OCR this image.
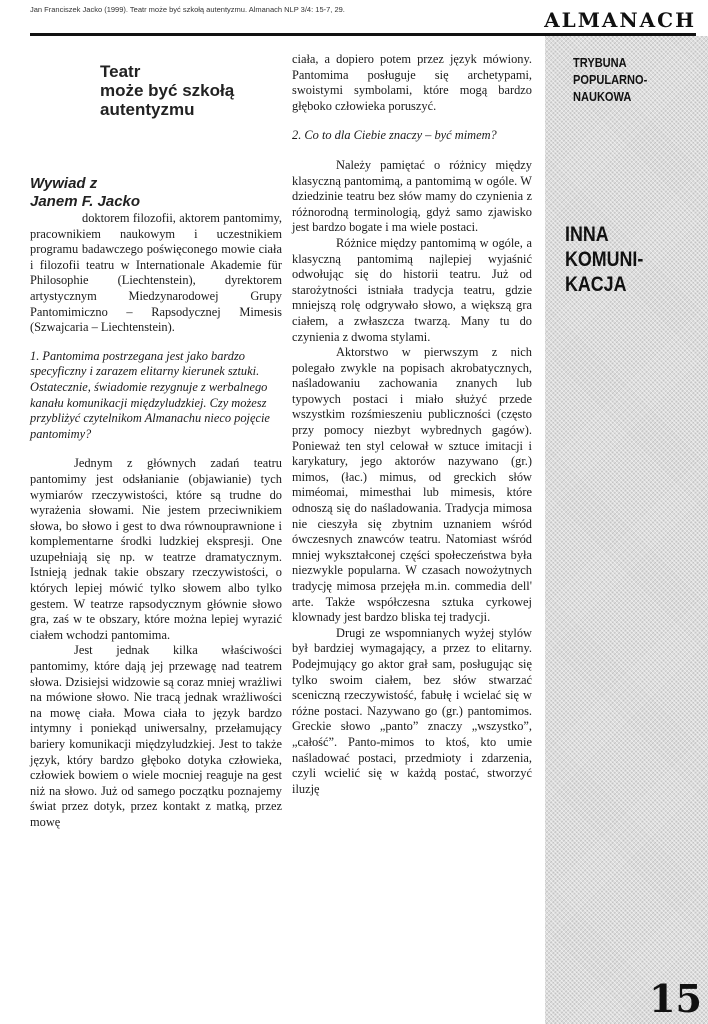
Jan Franciszek Jacko (1999). Teatr może być szkołą autentyzmu. Almanach NLP 3/4: 15-7, 29.	ALMANACH
Teatr
może być szkołą
autentyzmu
Wywiad z
Janem F. Jacko

doktorem filozofii, aktorem pantomimy, pracownikiem naukowym i uczestnikiem programu badawczego poświęconego mowie ciała i filozofii teatru w Internationale Akademie für Philosophie (Liechtenstein), dyrektorem artystycznym Miedzynarodowej Grupy Pantomimiczno – Rapsodycznej Mimesis (Szwajcaria – Liechtenstein).

1. Pantomima postrzegana jest jako bardzo specyficzny i zarazem elitarny kierunek sztuki. Ostatecznie, świadomie rezygnuje z werbalnego kanału komunikacji międzyludzkiej. Czy możesz przybliżyć czytelnikom Almanachu nieco pojęcie pantomimy?

Jednym z głównych zadań teatru pantomimy jest odsłanianie (objawianie) tych wymiarów rzeczywistości, które są trudne do wyrażenia słowami. Nie jestem przeciwnikiem słowa, bo słowo i gest to dwa równouprawnione i komplementarne środki ludzkiej ekspresji. One uzupełniają się np. w teatrze dramatycznym. Istnieją jednak takie obszary rzeczywistości, o których lepiej mówić tylko słowem albo tylko gestem. W teatrze rapsodycznym głównie słowo gra, zaś w te obszary, które można lepiej wyrazić ciałem wchodzi pantomima.

Jest jednak kilka właściwości pantomimy, które dają jej przewagę nad teatrem słowa. Dzisiejsi widzowie są coraz mniej wrażliwi na mówione słowo. Nie tracą jednak wrażliwości na mowę ciała. Mowa ciała to język bardzo intymny i poniekąd uniwersalny, przełamujący bariery komunikacji międzyludzkiej. Jest to także język, który bardzo głęboko dotyka człowieka, człowiek bowiem o wiele mocniej reaguje na gest niż na słowo. Już od samego początku poznajemy świat przez dotyk, przez kontakt z matką, przez mowę

ciała, a dopiero potem przez język mówiony. Pantomima posługuje się archetypami, swoistymi symbolami, które mogą bardzo głęboko człowieka poruszyć.

2. Co to dla Ciebie znaczy – być mimem?

Należy pamiętać o różnicy między klasyczną pantomimą, a pantomimą w ogóle. W dziedzinie teatru bez słów mamy do czynienia z różnorodną terminologią, gdyż samo zjawisko jest bardzo bogate i ma wiele postaci.

Różnice między pantomimą w ogóle, a klasyczną pantomimą najlepiej wyjaśnić odwołując się do historii teatru. Już od starożytności istniała tradycja teatru, gdzie mniejszą rolę odgrywało słowo, a większą gra ciałem, a zwłaszcza twarzą. Many tu do czynienia z dwoma stylami.

Aktorstwo w pierwszym z nich polegało zwykle na popisach akrobatycznych, naśladowaniu zachowania znanych lub typowych postaci i miało służyć przede wszystkim rozśmieszeniu publiczności (często przy pomocy niezbyt wybrednych gagów). Ponieważ ten styl celował w sztuce imitacji i karykatury, jego aktorów nazywano (gr.) mimos, (łac.) mimus, od greckich słów miméomai, mimesthai lub mimesis, które odnoszą się do naśladowania. Tradycja mimosa nie cieszyła się zbytnim uznaniem wśród ówczesnych znawców teatru. Natomiast wśród mniej wykształconej części społeczeństwa była niezwykle popularna. W czasach nowożytnych tradycję mimosa przejęła m.in. commedia dell' arte. Także współczesna sztuka cyrkowej klownady jest bardzo bliska tej tradycji.

Drugi ze wspomnianych wyżej stylów był bardziej wymagający, a przez to elitarny. Podejmujący go aktor grał sam, posługując się tylko swoim ciałem, bez słów stwarzać sceniczną rzeczywistość, fabułę i wcielać się w różne postaci. Nazywano go (gr.) pantomimos. Greckie słowo „panto” znaczy „wszystko”, „całość”. Panto-mimos to ktoś, kto umie naśladować postaci, przedmioty i zdarzenia, czyli wcielić się w każdą postać, stworzyć iluzję

TRYBUNA
POPULARNO-
NAUKOWA
INNA
KOMUNI-
KACJA
15
